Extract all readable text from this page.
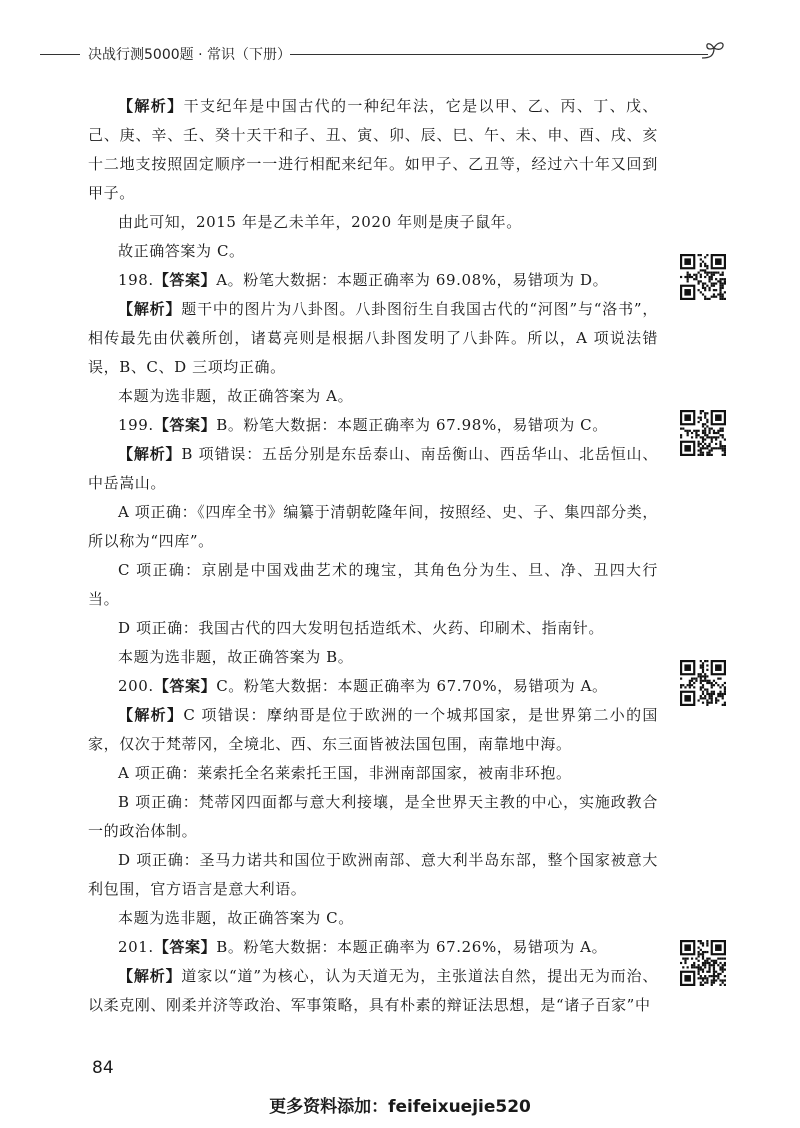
决战行测5000题 · 常识（下册）

【解析】干支纪年是中国古代的一种纪年法，它是以甲、乙、丙、丁、戊、己、庚、辛、壬、癸十天干和子、丑、寅、卯、辰、巳、午、未、申、酉、戌、亥十二地支按照固定顺序一一进行相配来纪年。如甲子、乙丑等，经过六十年又回到甲子。

由此可知，2015 年是乙未羊年，2020 年则是庚子鼠年。

故正确答案为 C。

198.【答案】A。粉笔大数据：本题正确率为 69.08%，易错项为 D。

【解析】题干中的图片为八卦图。八卦图衍生自我国古代的“河图”与“洛书”，相传最先由伏羲所创，诸葛亮则是根据八卦图发明了八卦阵。所以，A 项说法错误，B、C、D 三项均正确。

本题为选非题，故正确答案为 A。

199.【答案】B。粉笔大数据：本题正确率为 67.98%，易错项为 C。

【解析】B 项错误：五岳分别是东岳泰山、南岳衡山、西岳华山、北岳恒山、中岳嵩山。

A 项正确：《四库全书》编纂于清朝乾隆年间，按照经、史、子、集四部分类，所以称为“四库”。

C 项正确：京剧是中国戏曲艺术的瑰宝，其角色分为生、旦、净、丑四大行当。

D 项正确：我国古代的四大发明包括造纸术、火药、印刷术、指南针。

本题为选非题，故正确答案为 B。

200.【答案】C。粉笔大数据：本题正确率为 67.70%，易错项为 A。

【解析】C 项错误：摩纳哥是位于欧洲的一个城邦国家，是世界第二小的国家，仅次于梵蒂冈，全境北、西、东三面皆被法国包围，南靠地中海。

A 项正确：莱索托全名莱索托王国，非洲南部国家，被南非环抱。

B 项正确：梵蒂冈四面都与意大利接壤，是全世界天主教的中心，实施政教合一的政治体制。

D 项正确：圣马力诺共和国位于欧洲南部、意大利半岛东部，整个国家被意大利包围，官方语言是意大利语。

本题为选非题，故正确答案为 C。

201.【答案】B。粉笔大数据：本题正确率为 67.26%，易错项为 A。

【解析】道家以“道”为核心，认为天道无为，主张道法自然，提出无为而治、以柔克刚、刚柔并济等政治、军事策略，具有朴素的辩证法思想，是“诸子百家”中

84
更多资料添加：feifeixuejie520
